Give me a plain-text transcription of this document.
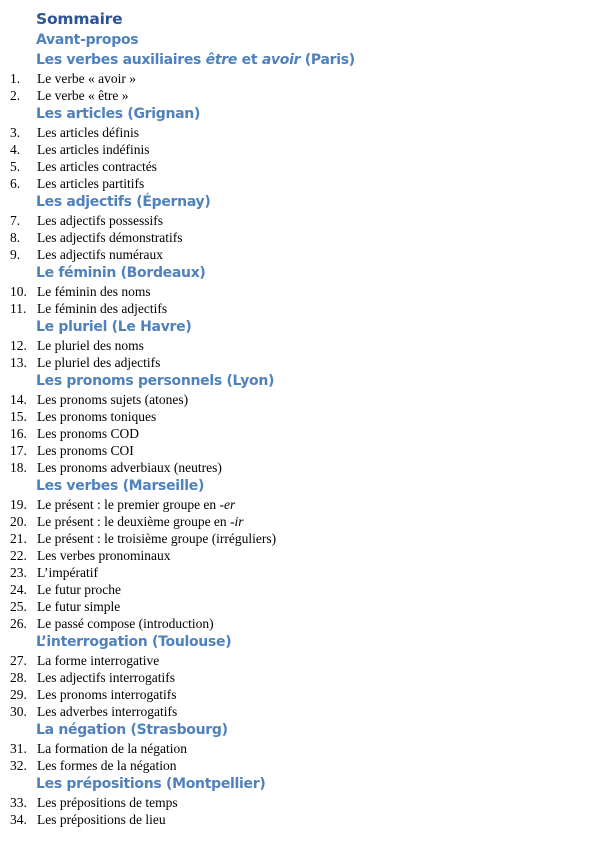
Sommaire
Avant-propos
Les verbes auxiliaires être et avoir (Paris)
1. Le verbe « avoir »
2. Le verbe « être »
Les articles (Grignan)
3. Les articles définis
4. Les articles indéfinis
5. Les articles contractés
6. Les articles partitifs
Les adjectifs (Épernay)
7. Les adjectifs possessifs
8. Les adjectifs démonstratifs
9. Les adjectifs numéraux
Le féminin (Bordeaux)
10. Le féminin des noms
11. Le féminin des adjectifs
Le pluriel (Le Havre)
12. Le pluriel des noms
13. Le pluriel des adjectifs
Les pronoms personnels (Lyon)
14. Les pronoms sujets (atones)
15. Les pronoms toniques
16. Les pronoms COD
17. Les pronoms COI
18. Les pronoms adverbiaux (neutres)
Les verbes (Marseille)
19. Le présent : le premier groupe en -er
20. Le présent : le deuxième groupe en -ir
21. Le présent : le troisième groupe (irréguliers)
22. Les verbes pronominaux
23. L’impératif
24. Le futur proche
25. Le futur simple
26. Le passé compose (introduction)
L’interrogation (Toulouse)
27. La forme interrogative
28. Les adjectifs interrogatifs
29. Les pronoms interrogatifs
30. Les adverbes interrogatifs
La négation (Strasbourg)
31. La formation de la négation
32. Les formes de la négation
Les prépositions (Montpellier)
33. Les prépositions de temps
34. Les prépositions de lieu
